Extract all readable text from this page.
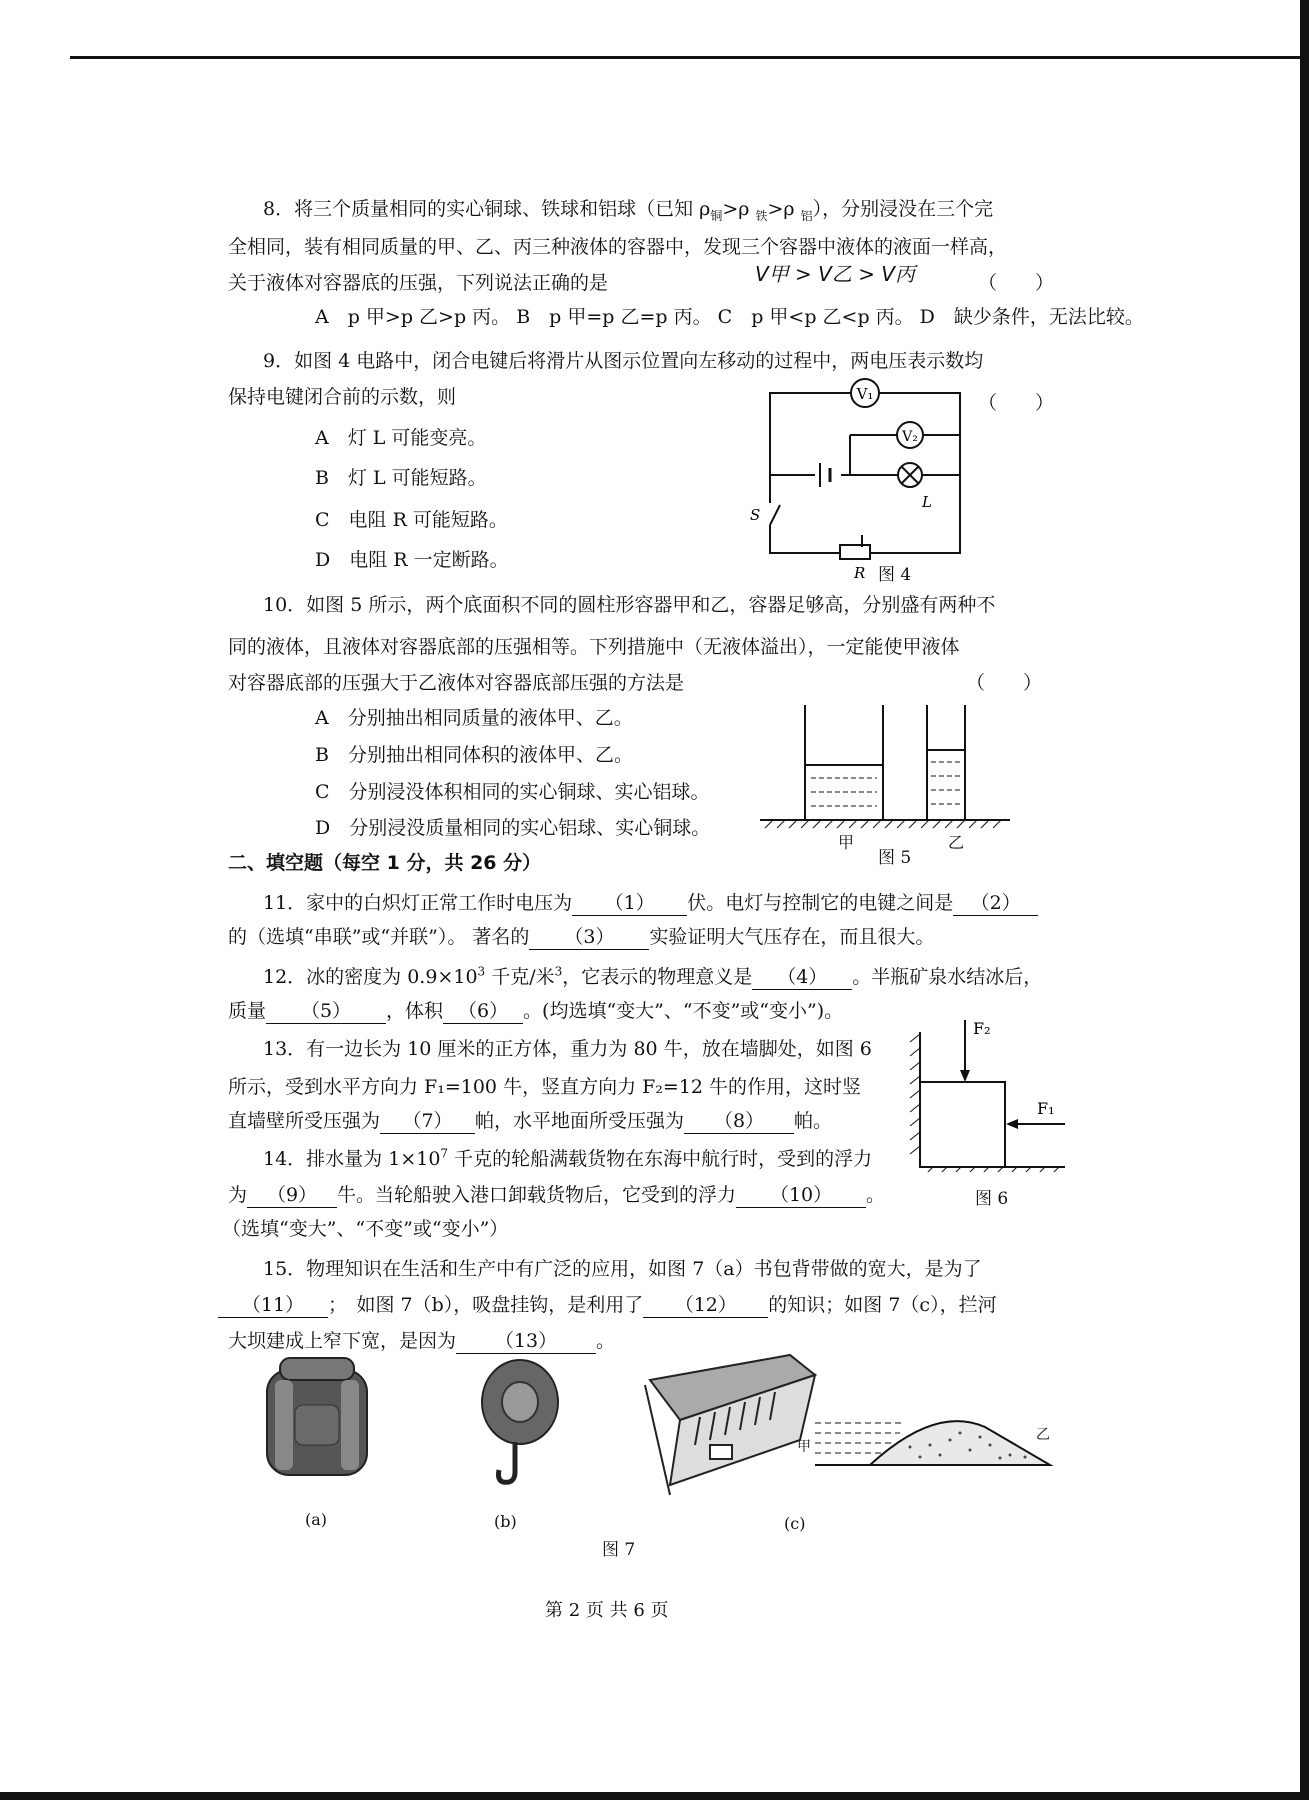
8．将三个质量相同的实心铜球、铁球和铝球（已知 $\rho_铜>\rho$ $_铁$>ρ $_铝$），分别浸没在三个完
全相同，装有相同质量的甲、乙、丙三种液体的容器中，发现三个容器中液体的液面一样高，
关于液体对容器底的压强，下列说法正确的是	V甲 > V乙 > V丙	（　　）
A　p 甲>p 乙>p 丙。 B　p 甲=p 乙=p 丙。 C　p 甲<p 乙<p 丙。 D　缺少条件，无法比较。
9．如图 4 电路中，闭合电键后将滑片从图示位置向左移动的过程中，两电压表示数均
保持电键闭合前的示数，则	（　　）
A　灯 L 可能变亮。
B　灯 L 可能短路。
C　电阻 R 可能短路。
D　电阻 R 一定断路。
V₁
V₂
L
S
R 图 4
10．如图 5 所示，两个底面积不同的圆柱形容器甲和乙，容器足够高，分别盛有两种不
同的液体，且液体对容器底部的压强相等。下列措施中（无液体溢出），一定能使甲液体
对容器底部的压强大于乙液体对容器底部压强的方法是	（　　）
A　分别抽出相同质量的液体甲、乙。
B　分别抽出相同体积的液体甲、乙。
C　分别浸没体积相同的实心铜球、实心铝球。
D　分别浸没质量相同的实心铝球、实心铜球。
甲
图 5
乙
二、填空题（每空 1 分，共 26 分）
11．家中的白炽灯正常工作时电压为 （1） 伏。电灯与控制它的电键之间是 （2）
的（选填“串联”或“并联”）。 著名的 （3） 实验证明大气压存在，而且很大。
12．冰的密度为 $0.9\times 10^3$ 千克/米$^3$，它表示的物理意义是 （4） 。半瓶矿泉水结冰后，
质量 （5） ，体积 （6） 。(均选填“变大”、“不变”或“变小”)。
13．有一边长为 10 厘米的正方体，重力为 80 牛，放在墙脚处，如图 6
所示，受到水平方向力 F₁=100 牛，竖直方向力 F₂=12 牛的作用，这时竖
直墙壁所受压强为 （7） 帕，水平地面所受压强为 （8） 帕。
F₂
F₁
图 6
14．排水量为 $1\times 10^7$ 千克的轮船满载货物在东海中航行时，受到的浮力
为 （9） 牛。当轮船驶入港口卸载货物后，它受到的浮力 （10） 。
（选填“变大”、“不变”或“变小”）
15．物理知识在生活和生产中有广泛的应用，如图 7（a）书包背带做的宽大，是为了
（11） ；　如图 7（b），吸盘挂钩，是利用了 （12） 的知识；如图 7（c），拦河
大坝建成上窄下宽，是因为 （13） 。
甲
乙
(a)	(b)	(c)
图 7
第 2 页 共 6 页
